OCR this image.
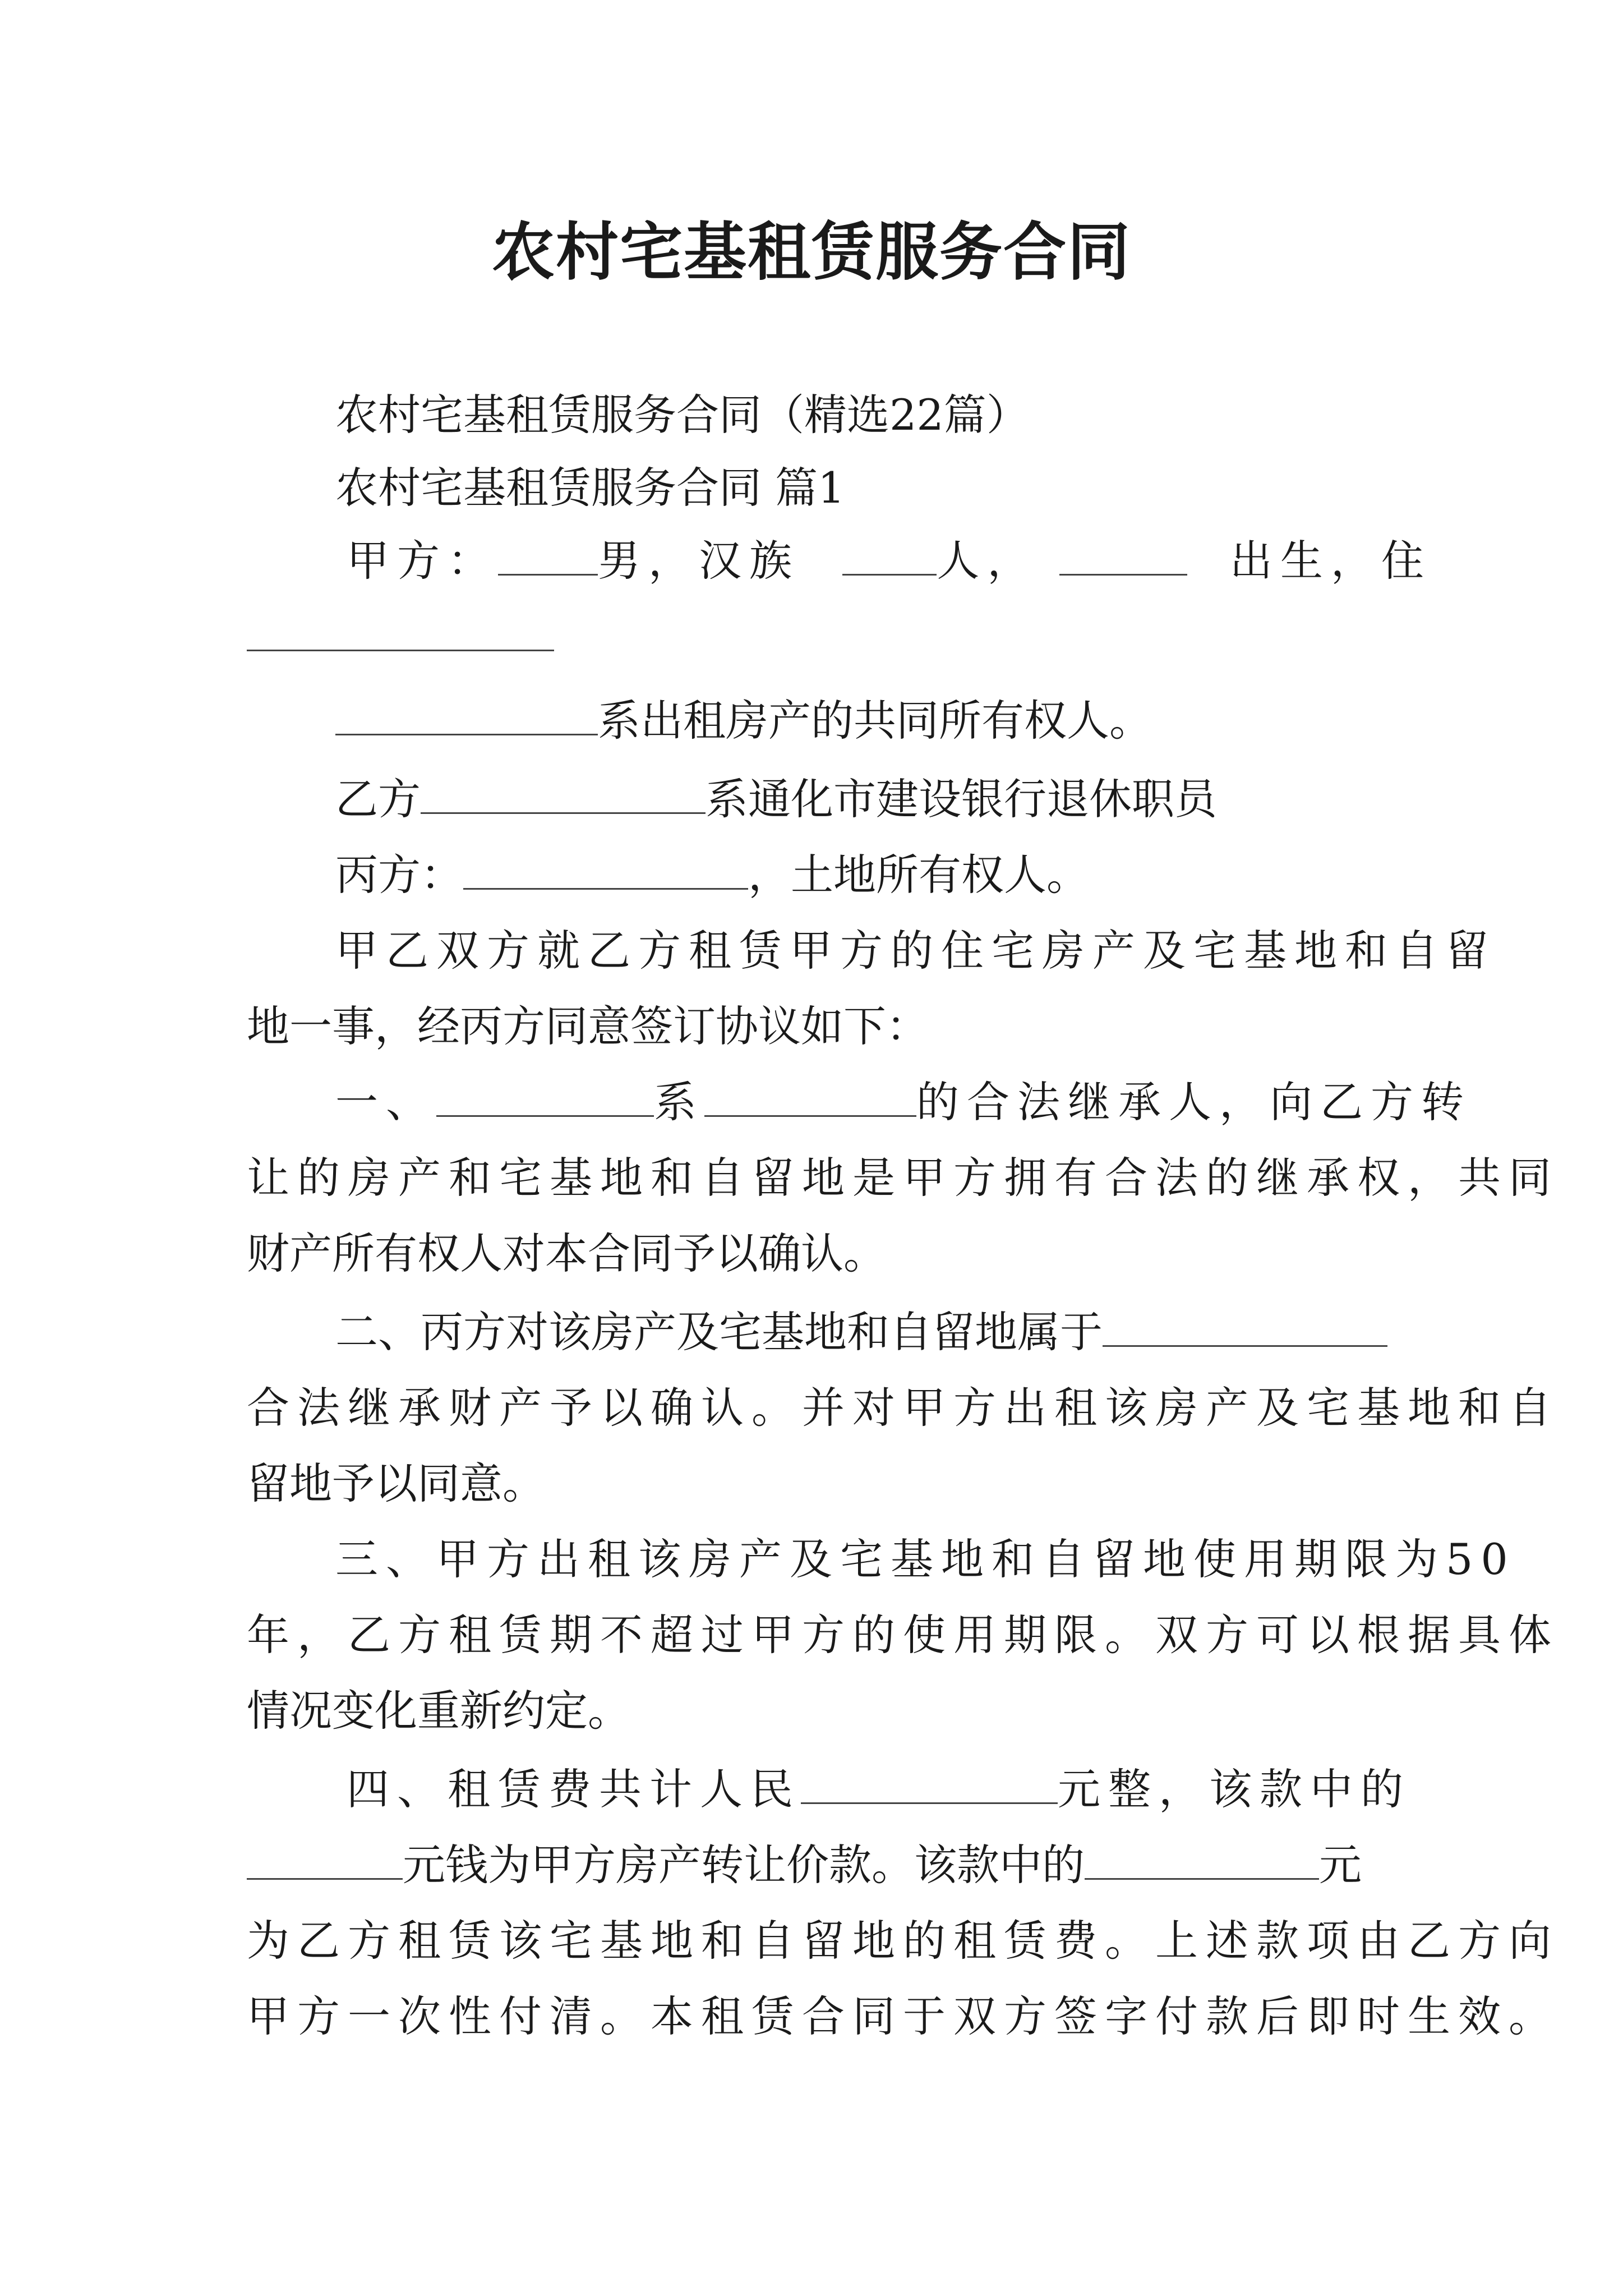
农村宅基租赁服务合同
农村宅基租赁服务合同（精选22篇）
农村宅基租赁服务合同 篇1
甲方： 男，汉族	人，	出生，住
系出租房产的共同所有权人。
乙方	系通化市建设银行退休职员
丙方：	，土地所有权人。
甲乙双方就乙方租赁甲方的住宅房产及宅基地和自留
地一事，经丙方同意签订协议如下：
一、	系	的合法继承人，向乙方转
让的房产和宅基地和自留地是甲方拥有合法的继承权，共同
财产所有权人对本合同予以确认。
二、丙方对该房产及宅基地和自留地属于
合法继承财产予以确认。并对甲方出租该房产及宅基地和自
留地予以同意。
三、甲方出租该房产及宅基地和自留地使用期限为50
年，乙方租赁期不超过甲方的使用期限。双方可以根据具体
情况变化重新约定。
四、租赁费共计人民	元整，该款中的
元钱为甲方房产转让价款。该款中的	元
为乙方租赁该宅基地和自留地的租赁费。上述款项由乙方向
甲方一次性付清。本租赁合同于双方签字付款后即时生效。
